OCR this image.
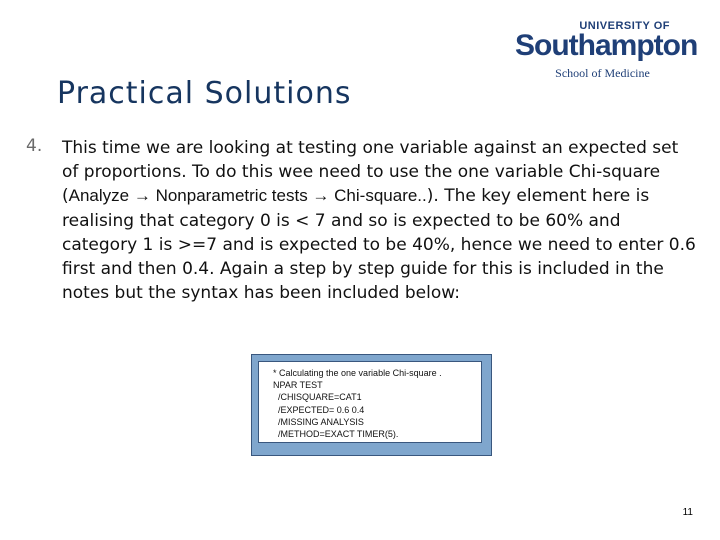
UNIVERSITY OF
Southampton
School of Medicine
Practical Solutions
4. This time we are looking at testing one variable against an expected set of proportions. To do this wee need to use the one variable Chi-square (Analyze → Nonparametric tests → Chi-square..). The key element here is realising that category 0 is < 7 and so is expected to be 60% and category 1 is >=7 and is expected to be 40%, hence we need to enter 0.6 first and then 0.4. Again a step by step guide for this is included in the notes but the syntax has been included below:
* Calculating the one variable Chi-square .
NPAR TEST
/CHISQUARE=CAT1
/EXPECTED= 0.6 0.4
/MISSING ANALYSIS
/METHOD=EXACT TIMER(5).
11
